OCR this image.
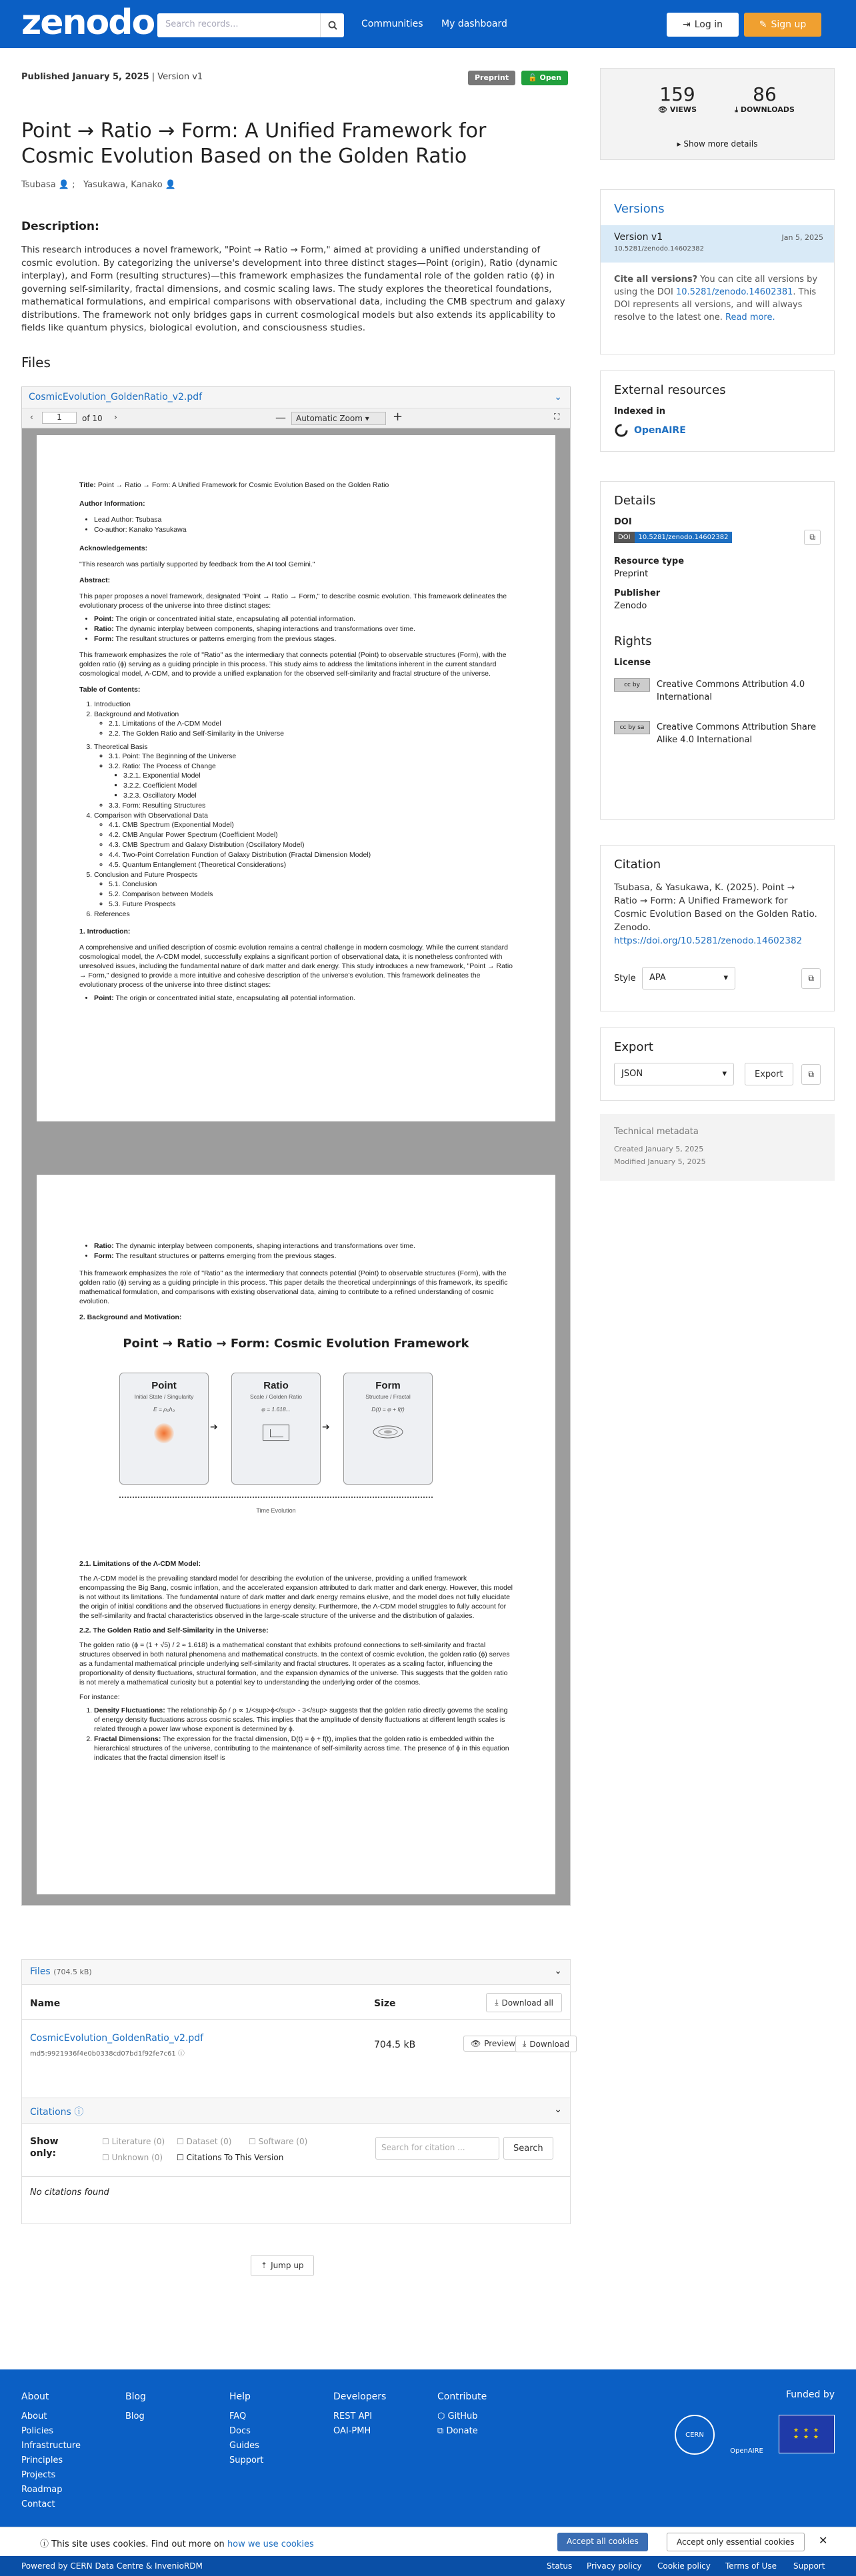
zenodo Search records...	Communities My dashboard	⇥ Log in	✎ Sign up
Published January 5, 2025 | Version v1	Preprint	🔓 Open
Point → Ratio → Form: A Unified Framework for Cosmic Evolution Based on the Golden Ratio
Tsubasa 👤 ;   Yasukawa, Kanako 👤
Description:
This research introduces a novel framework, "Point → Ratio → Form," aimed at providing a unified understanding of cosmic evolution. By categorizing the universe's development into three distinct stages—Point (origin), Ratio (dynamic interplay), and Form (resulting structures)—this framework emphasizes the fundamental role of the golden ratio (ϕ) in governing self-similarity, fractal dimensions, and cosmic scaling laws. The study explores the theoretical foundations, mathematical formulations, and empirical comparisons with observational data, including the CMB spectrum and galaxy distributions. The framework not only bridges gaps in current cosmological models but also extends its applicability to fields like quantum physics, biological evolution, and consciousness studies.
Files
CosmicEvolution_GoldenRatio_v2.pdf	⌄
‹	1	of 10 ›	—	Automatic Zoom ▾	+	⛶

Title: Point → Ratio → Form: A Unified Framework for Cosmic Evolution Based on the Golden Ratio

Author Information:

• Lead Author: Tsubasa
• Co-author: Kanako Yasukawa

Acknowledgements:

"This research was partially supported by feedback from the AI tool Gemini."

Abstract:

This paper proposes a novel framework, designated "Point → Ratio → Form," to describe cosmic evolution. This framework delineates the evolutionary process of the universe into three distinct stages:

• Point: The origin or concentrated initial state, encapsulating all potential information.
• Ratio: The dynamic interplay between components, shaping interactions and transformations over time.
• Form: The resultant structures or patterns emerging from the previous stages.

This framework emphasizes the role of "Ratio" as the intermediary that connects potential (Point) to observable structures (Form), with the golden ratio (ϕ) serving as a guiding principle in this process. This study aims to address the limitations inherent in the current standard cosmological model, Λ-CDM, and to provide a unified explanation for the observed self-similarity and fractal structure of the universe.

Table of Contents:

1. Introduction
2. Background and Motivation
◦ 2.1. Limitations of the Λ-CDM Model
◦ 2.2. The Golden Ratio and Self-Similarity in the Universe
3. Theoretical Basis
◦ 3.1. Point: The Beginning of the Universe
◦ 3.2. Ratio: The Process of Change
▪ 3.2.1. Exponential Model
▪ 3.2.2. Coefficient Model
▪ 3.2.3. Oscillatory Model
◦ 3.3. Form: Resulting Structures
4. Comparison with Observational Data
◦ 4.1. CMB Spectrum (Exponential Model)
◦ 4.2. CMB Angular Power Spectrum (Coefficient Model)
◦ 4.3. CMB Spectrum and Galaxy Distribution (Oscillatory Model)
◦ 4.4. Two-Point Correlation Function of Galaxy Distribution (Fractal Dimension Model)
◦ 4.5. Quantum Entanglement (Theoretical Considerations)
5. Conclusion and Future Prospects
◦ 5.1. Conclusion
◦ 5.2. Comparison between Models
◦ 5.3. Future Prospects
6. References

1. Introduction:

A comprehensive and unified description of cosmic evolution remains a central challenge in modern cosmology. While the current standard cosmological model, the Λ-CDM model, successfully explains a significant portion of observational data, it is nonetheless confronted with unresolved issues, including the fundamental nature of dark matter and dark energy. This study introduces a new framework, "Point → Ratio → Form," designed to provide a more intuitive and cohesive description of the universe's evolution. This framework delineates the evolutionary process of the universe into three distinct stages:

• Point: The origin or concentrated initial state, encapsulating all potential information.
• Ratio: The dynamic interplay between components, shaping interactions and transformations over time.
• Form: The resultant structures or patterns emerging from the previous stages.

This framework emphasizes the role of "Ratio" as the intermediary that connects potential (Point) to observable structures (Form), with the golden ratio (ϕ) serving as a guiding principle in this process. This paper details the theoretical underpinnings of this framework, its specific mathematical formulation, and comparisons with existing observational data, aiming to contribute to a refined understanding of cosmic evolution.

2. Background and Motivation:

Point → Ratio → Form: Cosmic Evolution Framework
Point
Initial State / Singularity
E = ρ₀h₀
➔
Ratio
Scale / Golden Ratio
φ = 1.618...
➔
Form
Structure / Fractal
D(t) = φ + f(t)
Time Evolution

2.1. Limitations of the Λ-CDM Model:

The Λ-CDM model is the prevailing standard model for describing the evolution of the universe, providing a unified framework encompassing the Big Bang, cosmic inflation, and the accelerated expansion attributed to dark matter and dark energy. However, this model is not without its limitations. The fundamental nature of dark matter and dark energy remains elusive, and the model does not fully elucidate the origin of initial conditions and the observed fluctuations in energy density. Furthermore, the Λ-CDM model struggles to fully account for the self-similarity and fractal characteristics observed in the large-scale structure of the universe and the distribution of galaxies.

2.2. The Golden Ratio and Self-Similarity in the Universe:

The golden ratio (ϕ = (1 + √5) / 2 ≈ 1.618) is a mathematical constant that exhibits profound connections to self-similarity and fractal structures observed in both natural phenomena and mathematical constructs. In the context of cosmic evolution, the golden ratio (ϕ) serves as a fundamental mathematical principle underlying self-similarity and fractal structures. It operates as a scaling factor, influencing the proportionality of density fluctuations, structural formation, and the expansion dynamics of the universe. This suggests that the golden ratio is not merely a mathematical curiosity but a potential key to understanding the underlying order of the cosmos.

For instance:

1. Density Fluctuations: The relationship δρ / ρ ∝ 1/<sup>ϕ</sup> - 3</sup> suggests that the golden ratio directly governs the scaling of energy density fluctuations across cosmic scales. This implies that the amplitude of density fluctuations at different length scales is related through a power law whose exponent is determined by ϕ.
2. Fractal Dimensions: The expression for the fractal dimension, D(t) = ϕ + f(t), implies that the golden ratio is embedded within the hierarchical structures of the universe, contributing to the maintenance of self-similarity across time. The presence of ϕ in this equation indicates that the fractal dimension itself is
Files (704.5 kB)	⌄
Name	Size	⤓ Download all
CosmicEvolution_GoldenRatio_v2.pdf
md5:9921936f4e0b0338cd07bd1f92fe7c61 ⓘ
704.5 kB	👁 Preview ⤓ Download
Citations ⓘ	⌄
Show only:
☐ Literature (0) ☐ Dataset (0) ☐ Software (0)
☐ Unknown (0) ☐ Citations To This Version
Search for citation ...	Search
No citations found
⇡ Jump up
159
👁 VIEWS
86
⤓ DOWNLOADS
▸ Show more details
Versions
Version v1
10.5281/zenodo.14602382
Jan 5, 2025
Cite all versions? You can cite all versions by using the DOI 10.5281/zenodo.14602381. This DOI represents all versions, and will always resolve to the latest one. Read more.
External resources
Indexed in
OpenAIRE
Details
DOI
DOI 10.5281/zenodo.14602382	⧉
Resource type
Preprint
Publisher
Zenodo
Rights
License
cc by	Creative Commons Attribution 4.0 International
cc by sa	Creative Commons Attribution Share Alike 4.0 International
Citation
Tsubasa, & Yasukawa, K. (2025). Point → Ratio → Form: A Unified Framework for Cosmic Evolution Based on the Golden Ratio. Zenodo. https://doi.org/10.5281/zenodo.14602382
Style	APA	▾	⧉
Export
JSON	▾	Export	⧉
Technical metadata
Created January 5, 2025
Modified January 5, 2025
About
About
Policies
Infrastructure
Principles
Projects
Roadmap
Contact
Blog
Blog
Help
FAQ
Docs
Guides
Support
Developers
REST API
OAI-PMH
Contribute
⬡ GitHub
⧉ Donate
Funded by
CERN
OpenAIRE
★ ★ ★
★ ★ ★
ⓘ This site uses cookies. Find out more on how we use cookies	Accept all cookies	Accept only essential cookies	✕
Powered by CERN Data Centre & InvenioRDM	Status Privacy policy Cookie policy Terms of Use Support
